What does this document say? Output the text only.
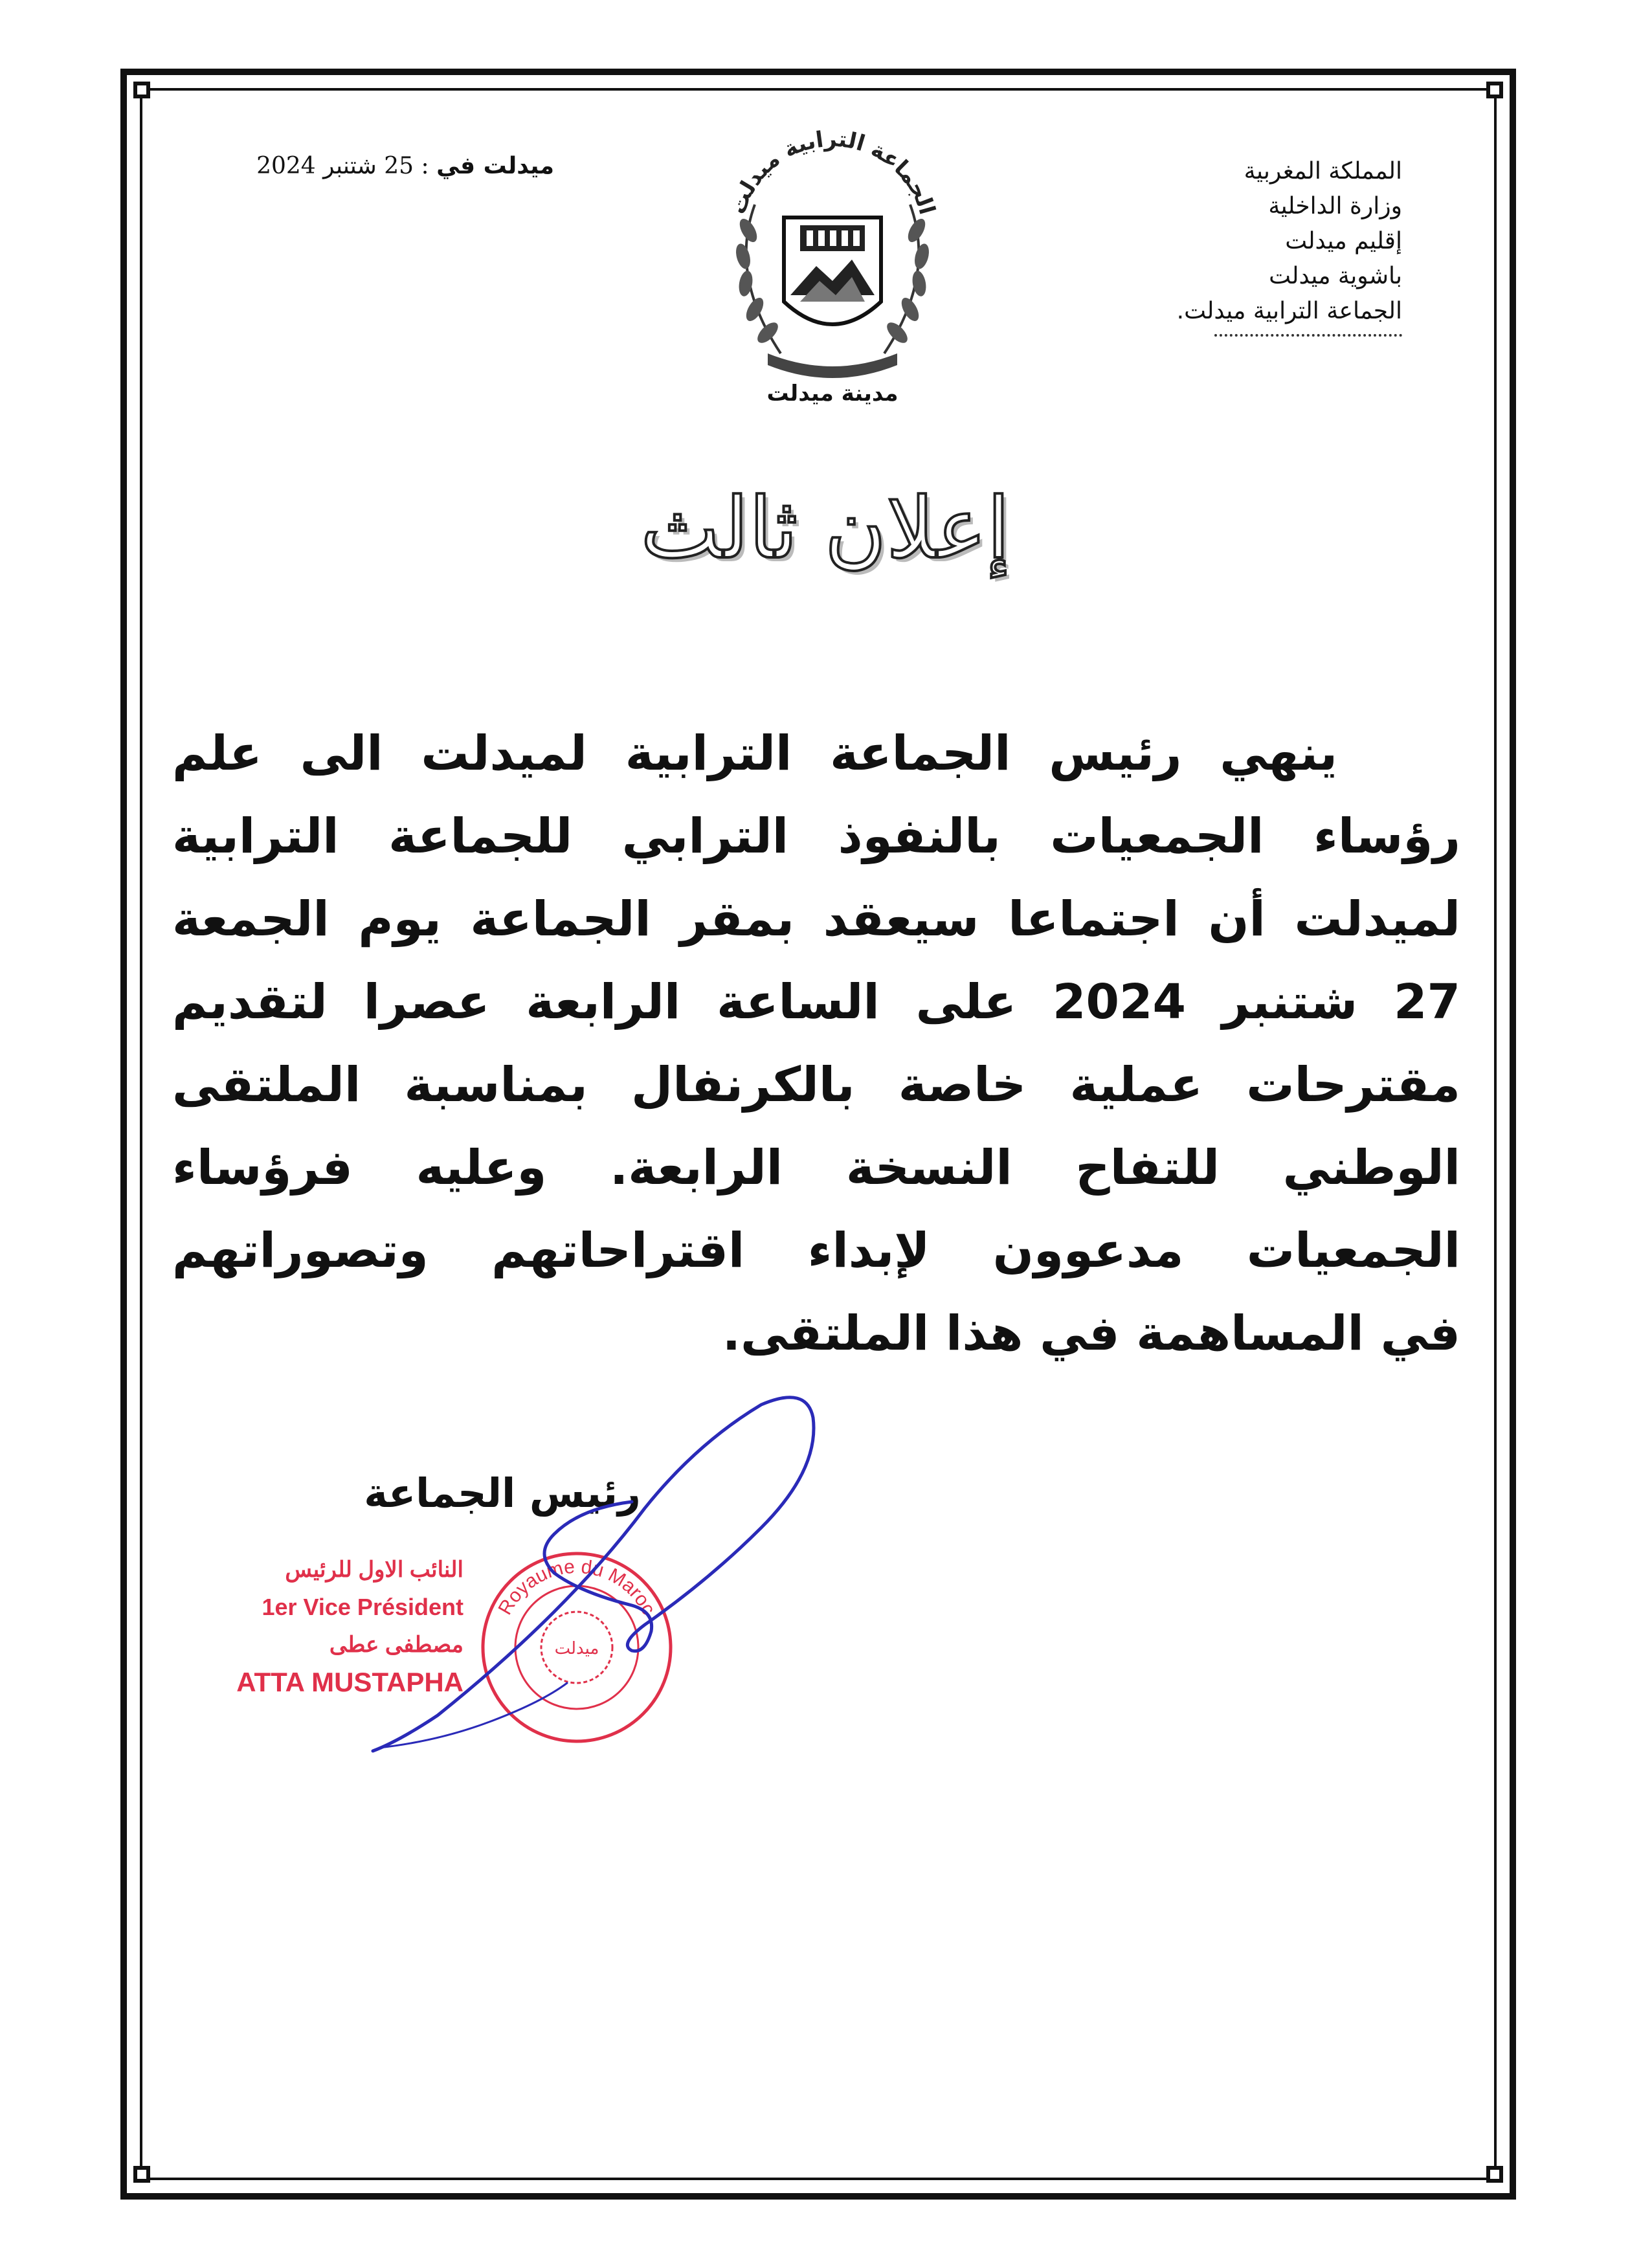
المملكة المغربية
وزارة الداخلية
إقليم ميدلت
باشوية ميدلت
الجماعة الترابية ميدلت.
ميدلت في : 25 شتنبر 2024
الجماعة الترابية ميدلت
مدينة ميدلت
إعلان ثالث
ينهي رئيس الجماعة الترابية لميدلت الى علم
رؤساء الجمعيات بالنفوذ الترابي للجماعة الترابية
لميدلت أن اجتماعا سيعقد بمقر الجماعة يوم الجمعة
27 شتنبر 2024 على الساعة الرابعة عصرا لتقديم
مقترحات عملية خاصة بالكرنفال بمناسبة الملتقى
الوطني للتفاح النسخة الرابعة. وعليه فرؤساء
الجمعيات مدعوون لإبداء اقتراحاتهم وتصوراتهم
في المساهمة في هذا الملتقى.
رئيس الجماعة
النائب الاول للرئيس
1er Vice Président
مصطفى عطى
ATTA MUSTAPHA
Royaume du Maroc
ميدلت
